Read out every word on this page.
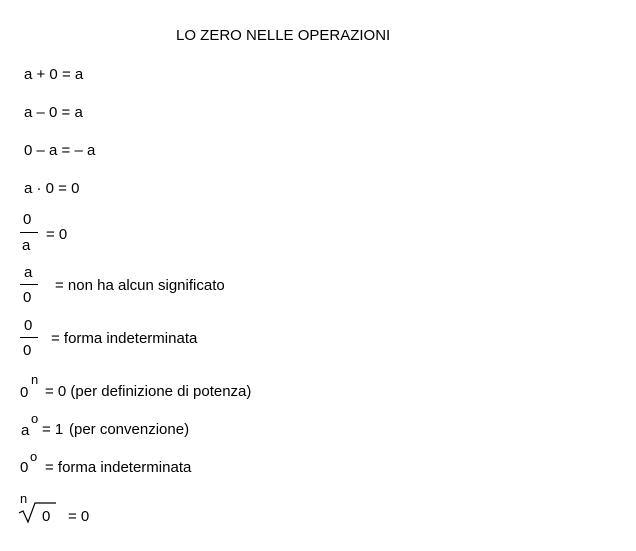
LO ZERO NELLE OPERAZIONI
a + 0 = a
a – 0 = a
0 – a = – a
a · 0 = 0
0
a
= 0
a
0
= non ha alcun significato
0
0
= forma indeterminata
0
n
= 0 (per definizione di potenza)
a
o
= 1 (per convenzione)
0
o
= forma indeterminata
n
0 = 0
